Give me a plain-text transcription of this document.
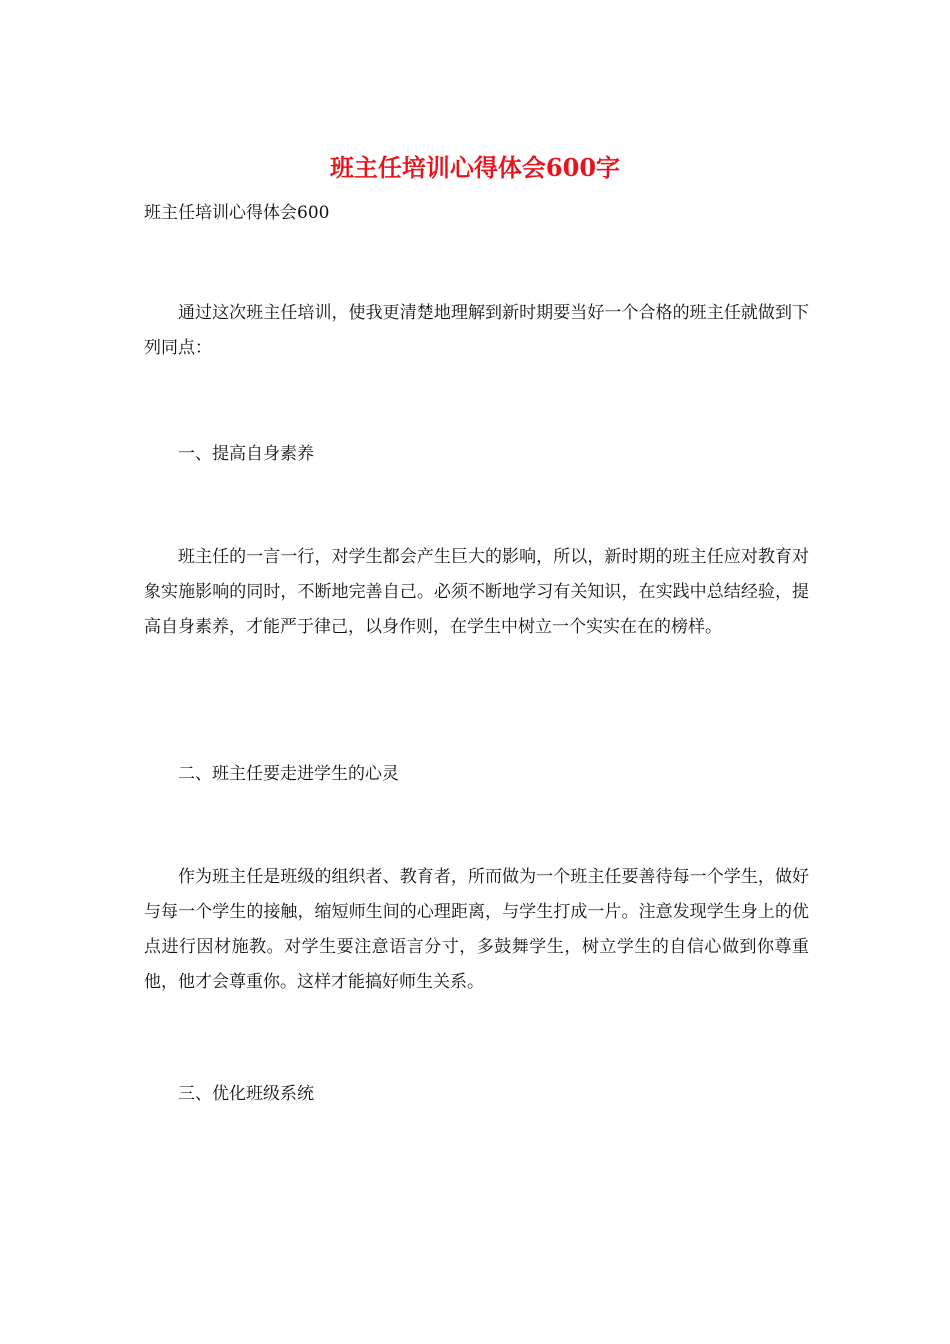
班主任培训心得体会600字

班主任培训心得体会600

通过这次班主任培训，使我更清楚地理解到新时期要当好一个合格的班主任就做到下列同点：

一、提高自身素养

班主任的一言一行，对学生都会产生巨大的影响，所以，新时期的班主任应对教育对象实施影响的同时，不断地完善自己。必须不断地学习有关知识，在实践中总结经验，提高自身素养，才能严于律己，以身作则，在学生中树立一个实实在在的榜样。

二、班主任要走进学生的心灵

作为班主任是班级的组织者、教育者，所而做为一个班主任要善待每一个学生，做好与每一个学生的接触，缩短师生间的心理距离，与学生打成一片。注意发现学生身上的优点进行因材施教。对学生要注意语言分寸，多鼓舞学生，树立学生的自信心做到你尊重他，他才会尊重你。这样才能搞好师生关系。

三、优化班级系统
